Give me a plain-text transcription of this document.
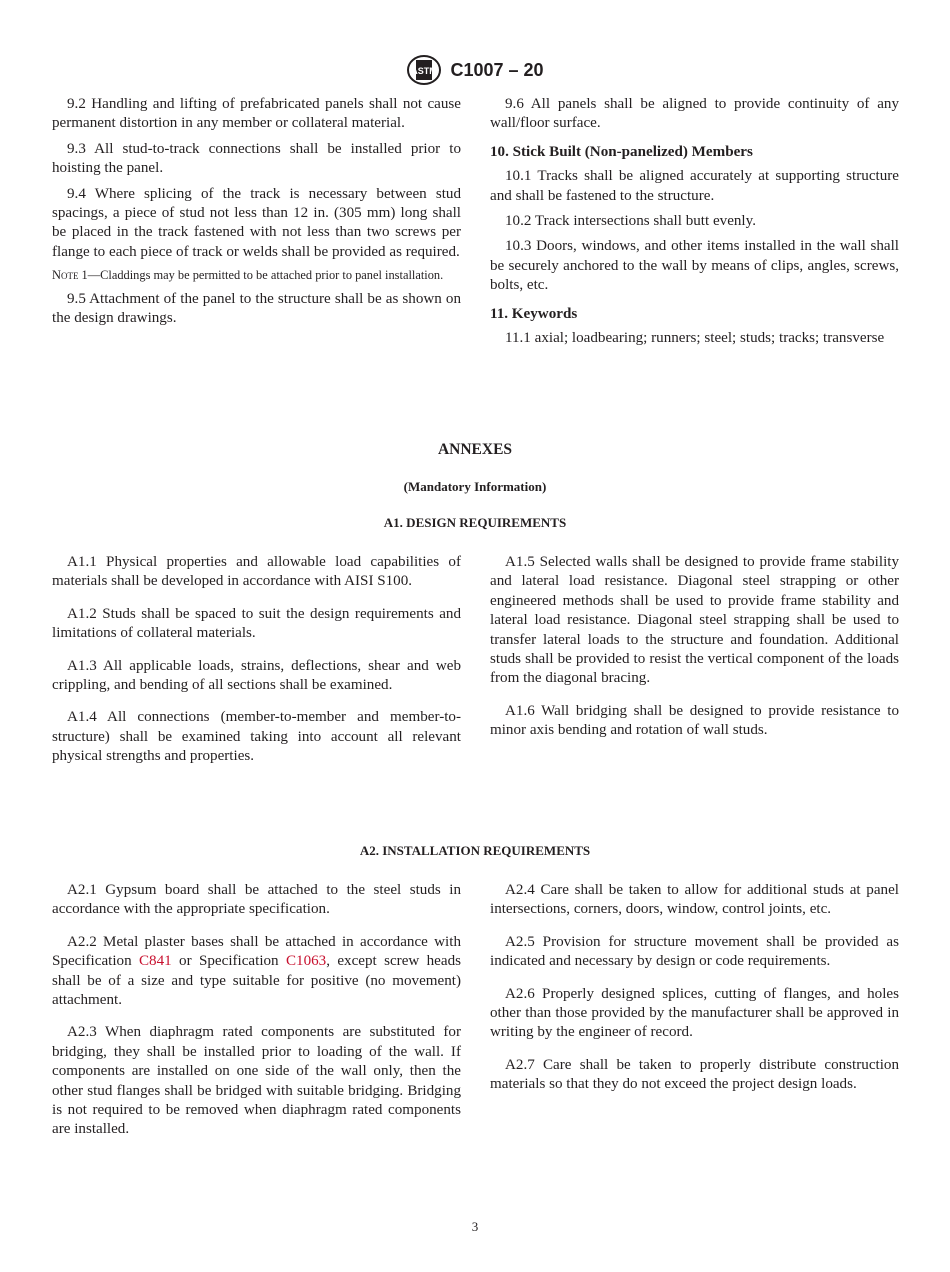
ASTM C1007 – 20

9.2 Handling and lifting of prefabricated panels shall not cause permanent distortion in any member or collateral material.

9.3 All stud-to-track connections shall be installed prior to hoisting the panel.

9.4 Where splicing of the track is necessary between stud spacings, a piece of stud not less than 12 in. (305 mm) long shall be placed in the track fastened with not less than two screws per flange to each piece of track or welds shall be provided as required.

Note 1—Claddings may be permitted to be attached prior to panel installation.

9.5 Attachment of the panel to the structure shall be as shown on the design drawings.

9.6 All panels shall be aligned to provide continuity of any wall/floor surface.

10. Stick Built (Non-panelized) Members

10.1 Tracks shall be aligned accurately at supporting structure and shall be fastened to the structure.

10.2 Track intersections shall butt evenly.

10.3 Doors, windows, and other items installed in the wall shall be securely anchored to the wall by means of clips, angles, screws, bolts, etc.

11. Keywords

11.1 axial; loadbearing; runners; steel; studs; tracks; transverse

ANNEXES
(Mandatory Information)
A1. DESIGN REQUIREMENTS

A1.1 Physical properties and allowable load capabilities of materials shall be developed in accordance with AISI S100.

A1.2 Studs shall be spaced to suit the design requirements and limitations of collateral materials.

A1.3 All applicable loads, strains, deflections, shear and web crippling, and bending of all sections shall be examined.

A1.4 All connections (member-to-member and member-to-structure) shall be examined taking into account all relevant physical strengths and properties.

A1.5 Selected walls shall be designed to provide frame stability and lateral load resistance. Diagonal steel strapping or other engineered methods shall be used to provide frame stability and lateral load resistance. Diagonal steel strapping shall be used to transfer lateral loads to the structure and foundation. Additional studs shall be provided to resist the vertical component of the loads from the diagonal bracing.

A1.6 Wall bridging shall be designed to provide resistance to minor axis bending and rotation of wall studs.

A2. INSTALLATION REQUIREMENTS

A2.1 Gypsum board shall be attached to the steel studs in accordance with the appropriate specification.

A2.2 Metal plaster bases shall be attached in accordance with Specification C841 or Specification C1063, except screw heads shall be of a size and type suitable for positive (no movement) attachment.

A2.3 When diaphragm rated components are substituted for bridging, they shall be installed prior to loading of the wall. If components are installed on one side of the wall only, then the other stud flanges shall be bridged with suitable bridging. Bridging is not required to be removed when diaphragm rated components are installed.

A2.4 Care shall be taken to allow for additional studs at panel intersections, corners, doors, window, control joints, etc.

A2.5 Provision for structure movement shall be provided as indicated and necessary by design or code requirements.

A2.6 Properly designed splices, cutting of flanges, and holes other than those provided by the manufacturer shall be approved in writing by the engineer of record.

A2.7 Care shall be taken to properly distribute construction materials so that they do not exceed the project design loads.

3
